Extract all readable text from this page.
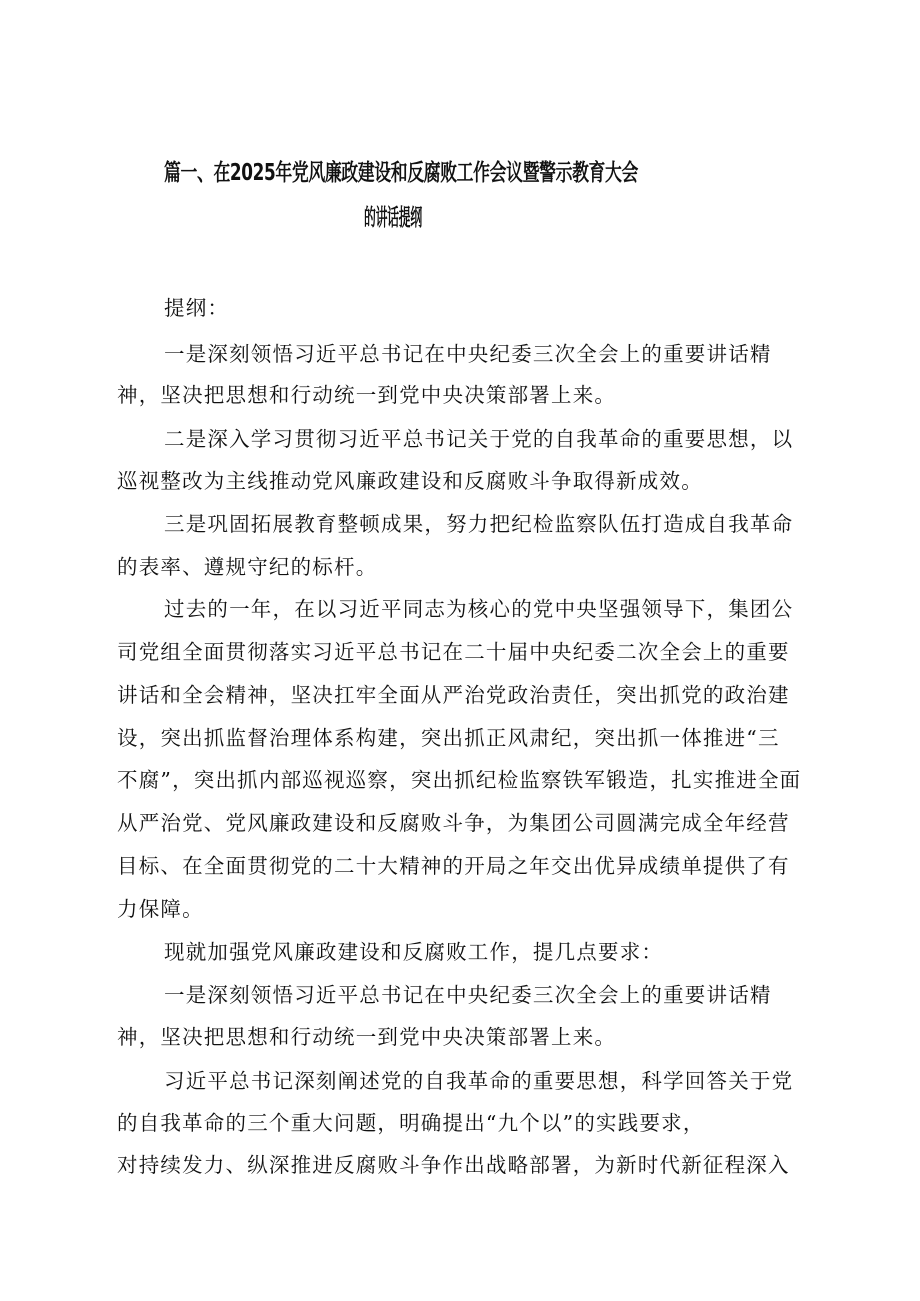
篇一、在2025年党风廉政建设和反腐败工作会议暨警示教育大会
的讲话提纲
提纲：
一是深刻领悟习近平总书记在中央纪委三次全会上的重要讲话精
神，坚决把思想和行动统一到党中央决策部署上来。
二是深入学习贯彻习近平总书记关于党的自我革命的重要思想，以
巡视整改为主线推动党风廉政建设和反腐败斗争取得新成效。
三是巩固拓展教育整顿成果，努力把纪检监察队伍打造成自我革命
的表率、遵规守纪的标杆。
过去的一年，在以习近平同志为核心的党中央坚强领导下，集团公
司党组全面贯彻落实习近平总书记在二十届中央纪委二次全会上的重要
讲话和全会精神，坚决扛牢全面从严治党政治责任，突出抓党的政治建
设，突出抓监督治理体系构建，突出抓正风肃纪，突出抓一体推进“三
不腐”，突出抓内部巡视巡察，突出抓纪检监察铁军锻造，扎实推进全面
从严治党、党风廉政建设和反腐败斗争，为集团公司圆满完成全年经营
目标、在全面贯彻党的二十大精神的开局之年交出优异成绩单提供了有
力保障。
现就加强党风廉政建设和反腐败工作，提几点要求：
一是深刻领悟习近平总书记在中央纪委三次全会上的重要讲话精
神，坚决把思想和行动统一到党中央决策部署上来。
习近平总书记深刻阐述党的自我革命的重要思想，科学回答关于党
的自我革命的三个重大问题，明确提出“九个以”的实践要求，
对持续发力、纵深推进反腐败斗争作出战略部署，为新时代新征程深入
